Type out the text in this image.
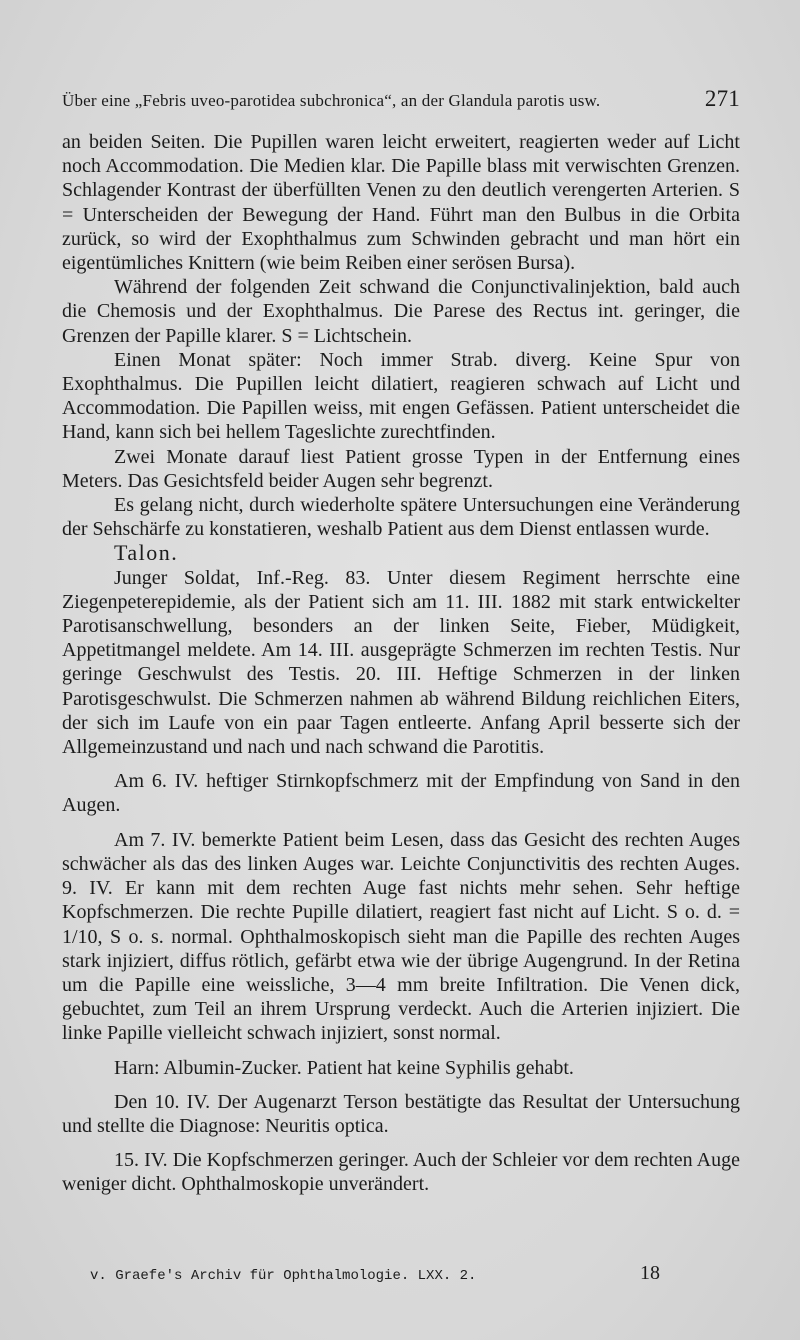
Über eine „Febris uveo-parotidea subchronica“, an der Glandula parotis usw.	271

an beiden Seiten. Die Pupillen waren leicht erweitert, reagierten weder auf Licht noch Accommodation. Die Medien klar. Die Papille blass mit verwischten Grenzen. Schlagender Kontrast der überfüllten Venen zu den deutlich verengerten Arterien. S = Unterscheiden der Bewegung der Hand. Führt man den Bulbus in die Orbita zurück, so wird der Exophthalmus zum Schwinden gebracht und man hört ein eigentümliches Knittern (wie beim Reiben einer serösen Bursa).

Während der folgenden Zeit schwand die Conjunctivalinjektion, bald auch die Chemosis und der Exophthalmus. Die Parese des Rectus int. geringer, die Grenzen der Papille klarer. S = Lichtschein.

Einen Monat später: Noch immer Strab. diverg. Keine Spur von Exophthalmus. Die Pupillen leicht dilatiert, reagieren schwach auf Licht und Accommodation. Die Papillen weiss, mit engen Gefässen. Patient unterscheidet die Hand, kann sich bei hellem Tageslichte zurechtfinden.

Zwei Monate darauf liest Patient grosse Typen in der Entfernung eines Meters. Das Gesichtsfeld beider Augen sehr begrenzt.

Es gelang nicht, durch wiederholte spätere Untersuchungen eine Veränderung der Sehschärfe zu konstatieren, weshalb Patient aus dem Dienst entlassen wurde.

Talon.

Junger Soldat, Inf.-Reg. 83. Unter diesem Regiment herrschte eine Ziegenpeterepidemie, als der Patient sich am 11. III. 1882 mit stark entwickelter Parotisanschwellung, besonders an der linken Seite, Fieber, Müdigkeit, Appetitmangel meldete. Am 14. III. ausgeprägte Schmerzen im rechten Testis. Nur geringe Geschwulst des Testis. 20. III. Heftige Schmerzen in der linken Parotisgeschwulst. Die Schmerzen nahmen ab während Bildung reichlichen Eiters, der sich im Laufe von ein paar Tagen entleerte. Anfang April besserte sich der Allgemeinzustand und nach und nach schwand die Parotitis.

Am 6. IV. heftiger Stirnkopfschmerz mit der Empfindung von Sand in den Augen.

Am 7. IV. bemerkte Patient beim Lesen, dass das Gesicht des rechten Auges schwächer als das des linken Auges war. Leichte Conjunctivitis des rechten Auges. 9. IV. Er kann mit dem rechten Auge fast nichts mehr sehen. Sehr heftige Kopfschmerzen. Die rechte Pupille dilatiert, reagiert fast nicht auf Licht. S o. d. = 1/10, S o. s. normal. Ophthalmoskopisch sieht man die Papille des rechten Auges stark injiziert, diffus rötlich, gefärbt etwa wie der übrige Augengrund. In der Retina um die Papille eine weissliche, 3—4 mm breite Infiltration. Die Venen dick, gebuchtet, zum Teil an ihrem Ursprung verdeckt. Auch die Arterien injiziert. Die linke Papille vielleicht schwach injiziert, sonst normal.

Harn: Albumin-Zucker. Patient hat keine Syphilis gehabt.

Den 10. IV. Der Augenarzt Terson bestätigte das Resultat der Untersuchung und stellte die Diagnose: Neuritis optica.

15. IV. Die Kopfschmerzen geringer. Auch der Schleier vor dem rechten Auge weniger dicht. Ophthalmoskopie unverändert.

v. Graefe's Archiv für Ophthalmologie. LXX. 2.	18
